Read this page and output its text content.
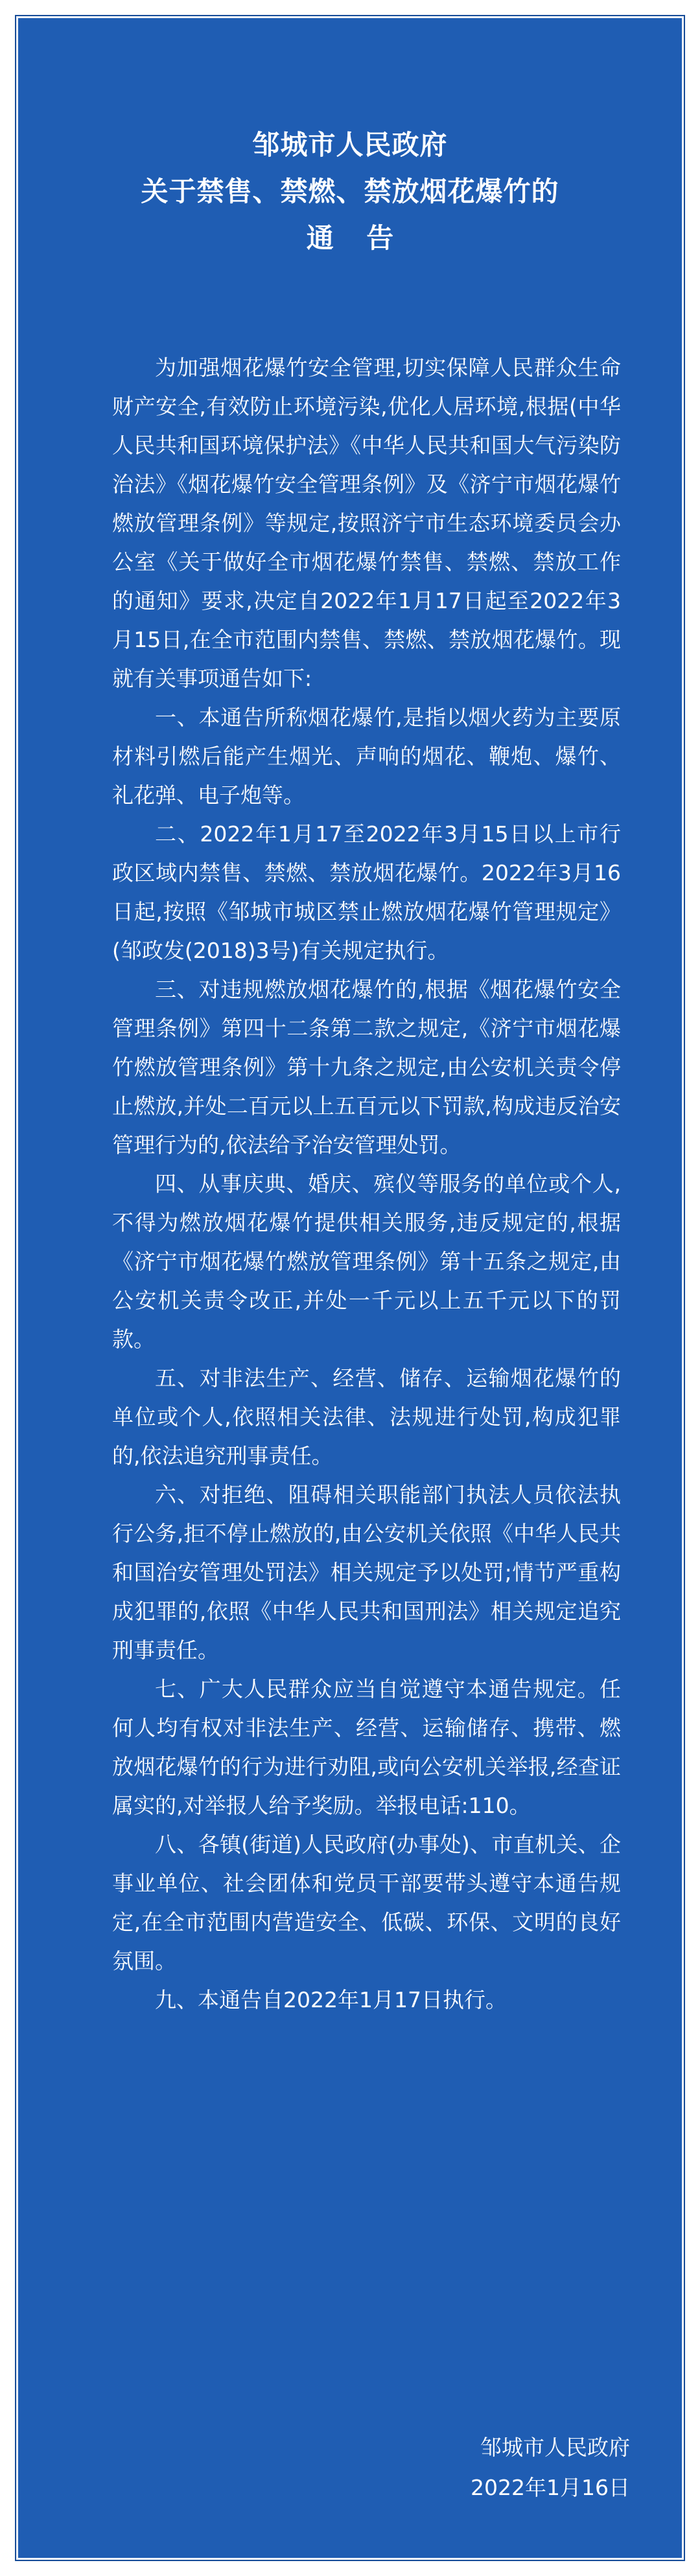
邹城市人民政府
关于禁售、禁燃、禁放烟花爆竹的
通 告

为加强烟花爆竹安全管理,切实保障人民群众生命财产安全,有效防止环境污染,优化人居环境,根据(中华人民共和国环境保护法》《中华人民共和国大气污染防治法》《烟花爆竹安全管理条例》及《济宁市烟花爆竹燃放管理条例》等规定,按照济宁市生态环境委员会办公室《关于做好全市烟花爆竹禁售、禁燃、禁放工作的通知》要求,决定自2022年1月17日起至2022年3月15日,在全市范围内禁售、禁燃、禁放烟花爆竹。现就有关事项通告如下:

一、本通告所称烟花爆竹,是指以烟火药为主要原材料引燃后能产生烟光、声响的烟花、鞭炮、爆竹、礼花弹、电子炮等。

二、2022年1月17至2022年3月15日以上市行政区域内禁售、禁燃、禁放烟花爆竹。2022年3月16日起,按照《邹城市城区禁止燃放烟花爆竹管理规定》(邹政发(2018)3号)有关规定执行。

三、对违规燃放烟花爆竹的,根据《烟花爆竹安全管理条例》第四十二条第二款之规定,《济宁市烟花爆竹燃放管理条例》第十九条之规定,由公安机关责令停止燃放,并处二百元以上五百元以下罚款,构成违反治安管理行为的,依法给予治安管理处罚。

四、从事庆典、婚庆、殡仪等服务的单位或个人,不得为燃放烟花爆竹提供相关服务,违反规定的,根据《济宁市烟花爆竹燃放管理条例》第十五条之规定,由公安机关责令改正,并处一千元以上五千元以下的罚款。

五、对非法生产、经营、储存、运输烟花爆竹的单位或个人,依照相关法律、法规进行处罚,构成犯罪的,依法追究刑事责任。

六、对拒绝、阻碍相关职能部门执法人员依法执行公务,拒不停止燃放的,由公安机关依照《中华人民共和国治安管理处罚法》相关规定予以处罚;情节严重构成犯罪的,依照《中华人民共和国刑法》相关规定追究刑事责任。

七、广大人民群众应当自觉遵守本通告规定。任何人均有权对非法生产、经营、运输储存、携带、燃放烟花爆竹的行为进行劝阻,或向公安机关举报,经查证属实的,对举报人给予奖励。举报电话:110。

八、各镇(街道)人民政府(办事处)、市直机关、企事业单位、社会团体和党员干部要带头遵守本通告规定,在全市范围内营造安全、低碳、环保、文明的良好氛围。

九、本通告自2022年1月17日执行。

邹城市人民政府
2022年1月16日
